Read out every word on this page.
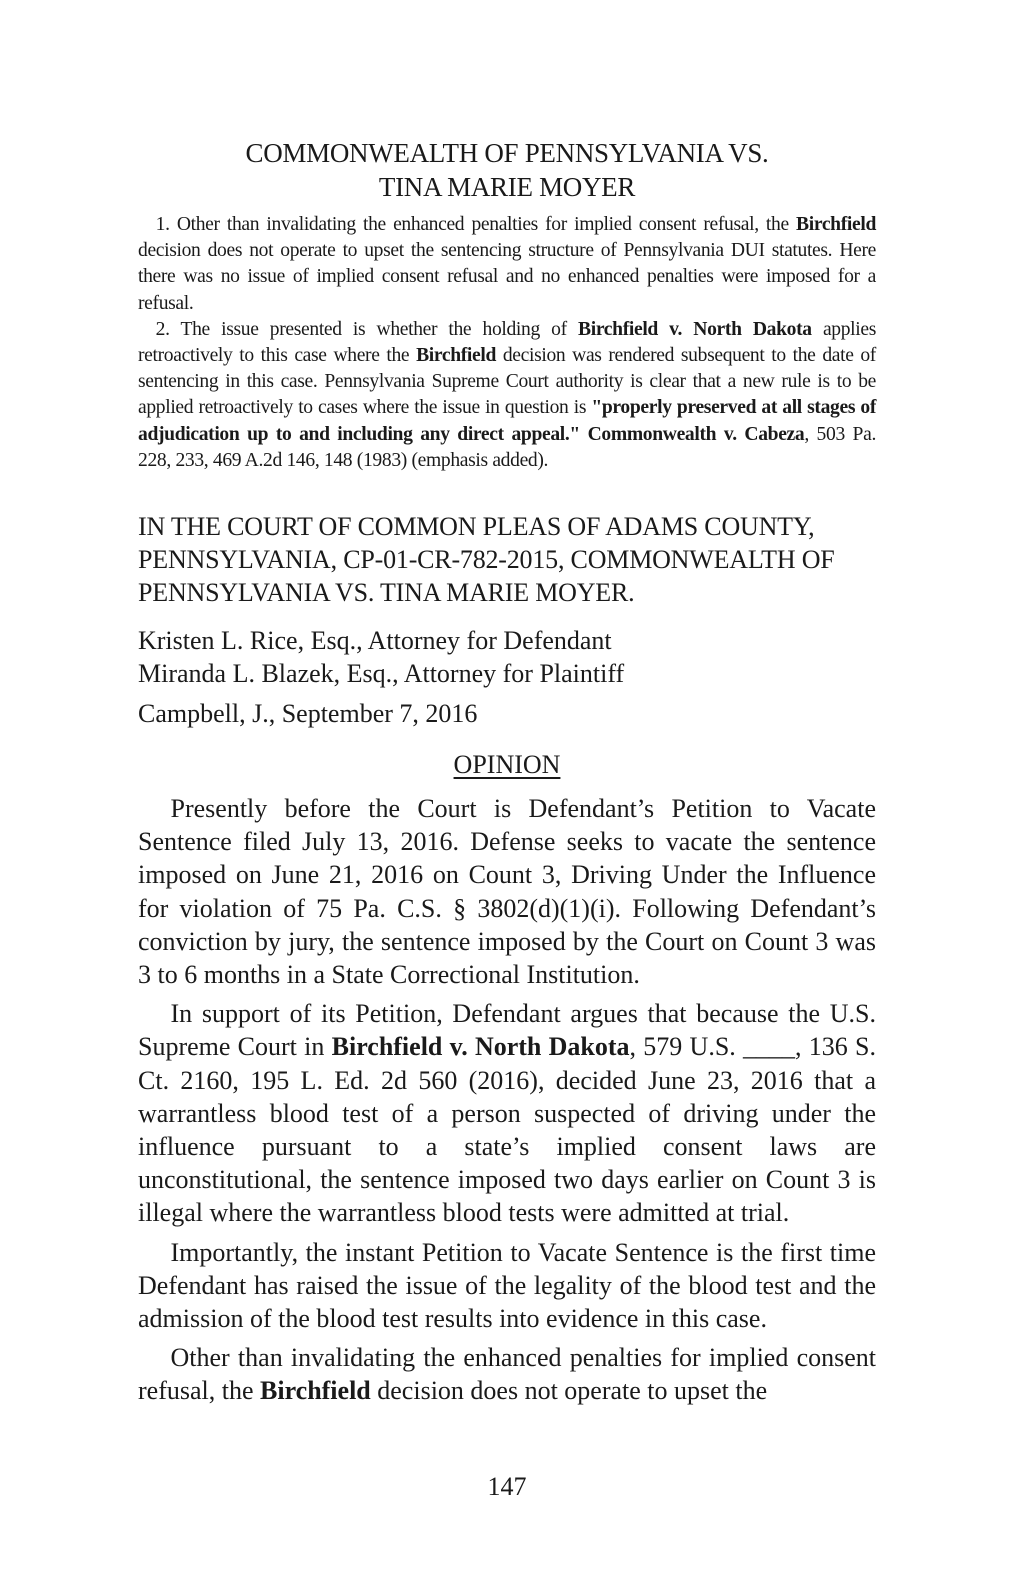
COMMONWEALTH OF PENNSYLVANIA VS.
TINA MARIE MOYER

1. Other than invalidating the enhanced penalties for implied consent refusal, the Birchfield decision does not operate to upset the sentencing structure of Pennsylvania DUI statutes. Here there was no issue of implied consent refusal and no enhanced penalties were imposed for a refusal.

2. The issue presented is whether the holding of Birchfield v. North Dakota applies retroactively to this case where the Birchfield decision was rendered subsequent to the date of sentencing in this case. Pennsylvania Supreme Court authority is clear that a new rule is to be applied retroactively to cases where the issue in question is "properly preserved at all stages of adjudication up to and including any direct appeal." Commonwealth v. Cabeza, 503 Pa. 228, 233, 469 A.2d 146, 148 (1983) (emphasis added).

IN THE COURT OF COMMON PLEAS OF ADAMS COUNTY,
PENNSYLVANIA, CP-01-CR-782-2015, COMMONWEALTH OF
PENNSYLVANIA VS. TINA MARIE MOYER.
Kristen L. Rice, Esq., Attorney for Defendant
Miranda L. Blazek, Esq., Attorney for Plaintiff
Campbell, J., September 7, 2016
OPINION

Presently before the Court is Defendant’s Petition to Vacate Sentence filed July 13, 2016. Defense seeks to vacate the sentence imposed on June 21, 2016 on Count 3, Driving Under the Influence for violation of 75 Pa. C.S. § 3802(d)(1)(i). Following Defendant’s conviction by jury, the sentence imposed by the Court on Count 3 was 3 to 6 months in a State Correctional Institution.

In support of its Petition, Defendant argues that because the U.S. Supreme Court in Birchfield v. North Dakota, 579 U.S. ____, 136 S. Ct. 2160, 195 L. Ed. 2d 560 (2016), decided June 23, 2016 that a warrantless blood test of a person suspected of driving under the influence pursuant to a state’s implied consent laws are unconstitutional, the sentence imposed two days earlier on Count 3 is illegal where the warrantless blood tests were admitted at trial.

Importantly, the instant Petition to Vacate Sentence is the first time Defendant has raised the issue of the legality of the blood test and the admission of the blood test results into evidence in this case.

Other than invalidating the enhanced penalties for implied consent refusal, the Birchfield decision does not operate to upset the

147
